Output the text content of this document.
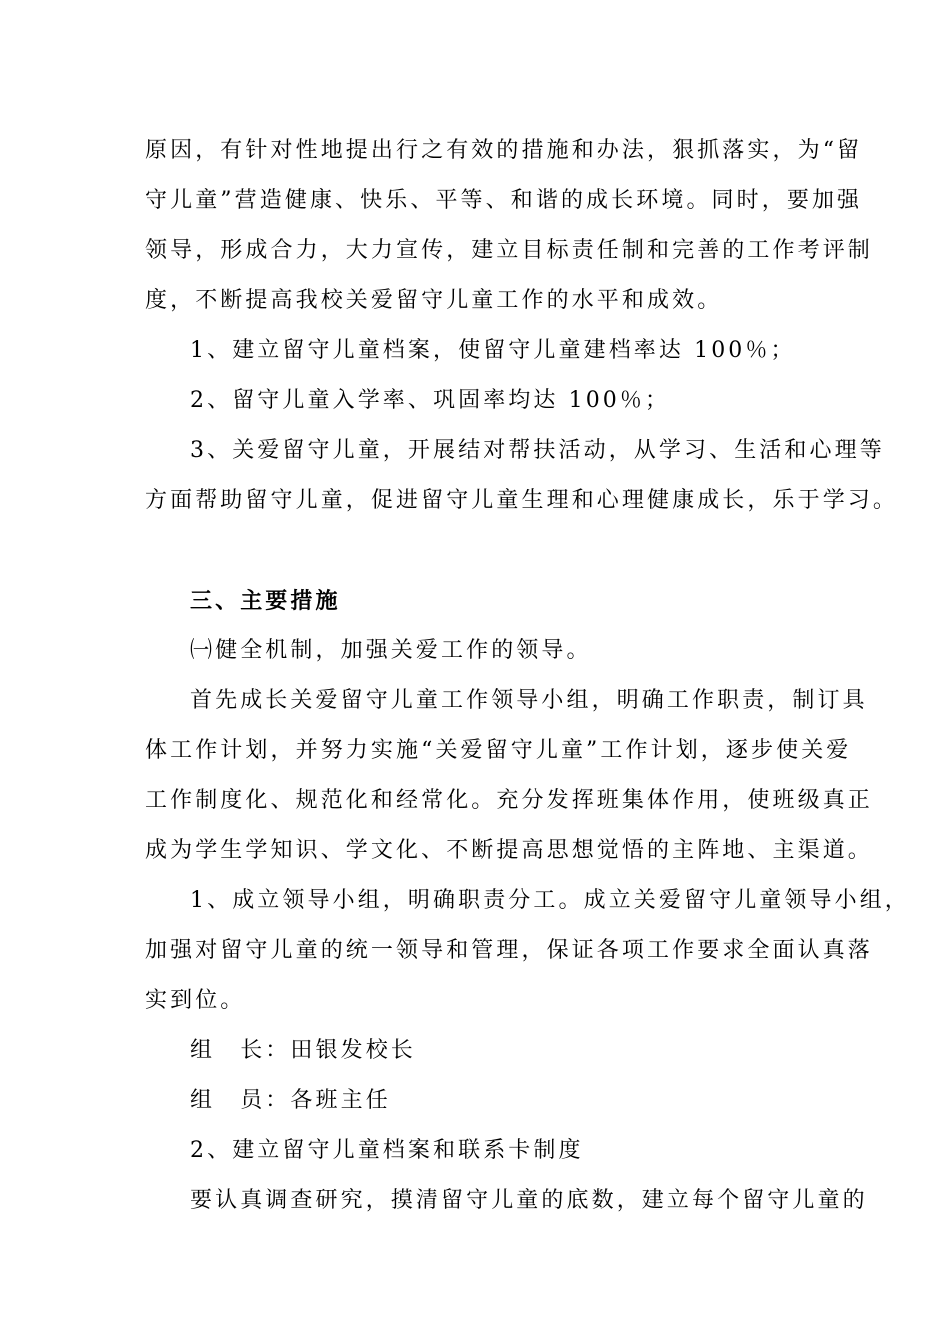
原因，有针对性地提出行之有效的措施和办法，狠抓落实，为“留
守儿童”营造健康、快乐、平等、和谐的成长环境。同时，要加强
领导，形成合力，大力宣传，建立目标责任制和完善的工作考评制
度，不断提高我校关爱留守儿童工作的水平和成效。
1、建立留守儿童档案，使留守儿童建档率达 100％；
2、留守儿童入学率、巩固率均达 100％；
3、关爱留守儿童，开展结对帮扶活动，从学习、生活和心理等
方面帮助留守儿童，促进留守儿童生理和心理健康成长，乐于学习。
三、主要措施
㈠健全机制，加强关爱工作的领导。
首先成长关爱留守儿童工作领导小组，明确工作职责，制订具
体工作计划，并努力实施“关爱留守儿童”工作计划，逐步使关爱
工作制度化、规范化和经常化。充分发挥班集体作用，使班级真正
成为学生学知识、学文化、不断提高思想觉悟的主阵地、主渠道。
1、成立领导小组，明确职责分工。成立关爱留守儿童领导小组，
加强对留守儿童的统一领导和管理，保证各项工作要求全面认真落
实到位。
组　长：田银发校长
组　员：各班主任
2、建立留守儿童档案和联系卡制度
要认真调查研究，摸清留守儿童的底数，建立每个留守儿童的
